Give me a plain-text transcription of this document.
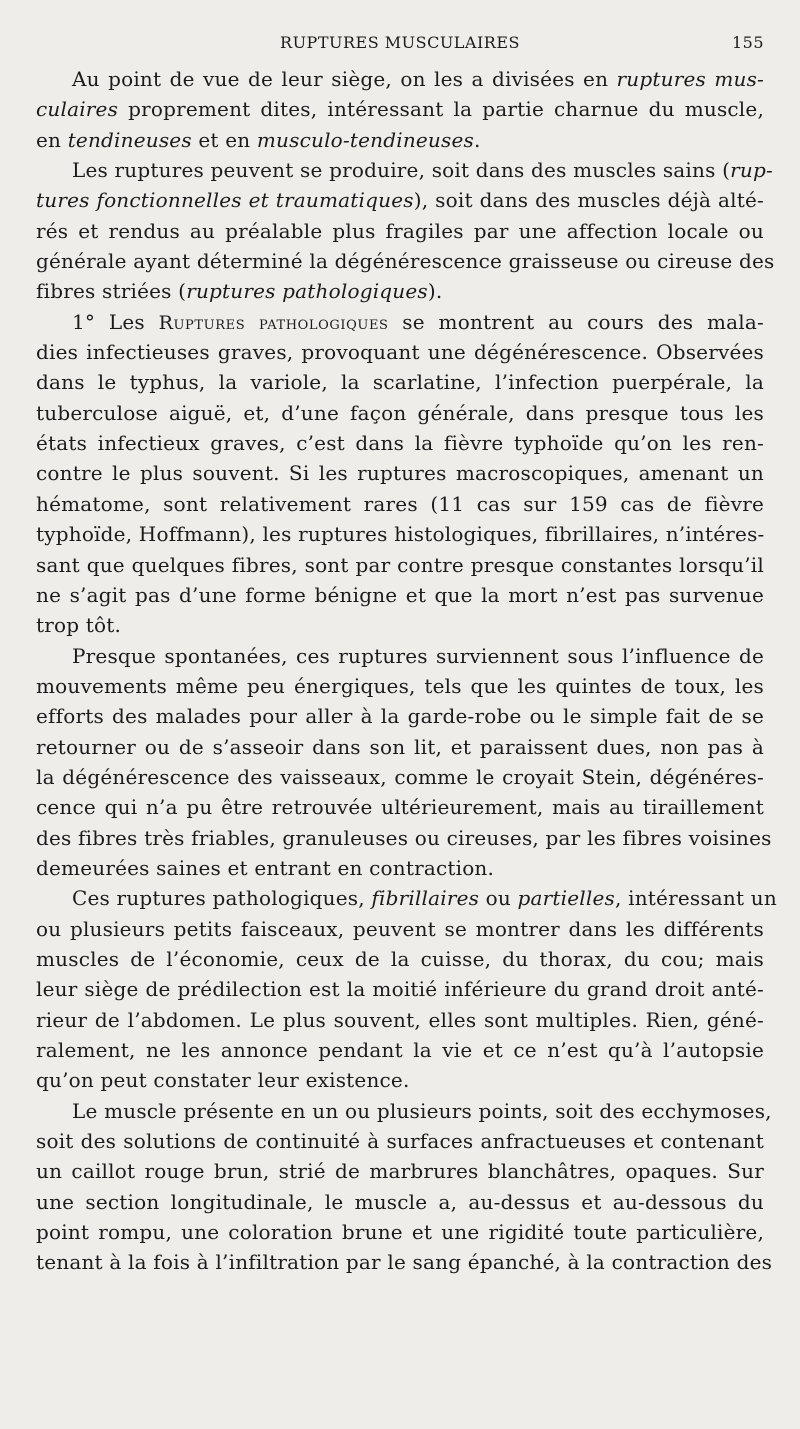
RUPTURES MUSCULAIRES	155
Au point de vue de leur siège, on les a divisées en ruptures mus-
culaires proprement dites, intéressant la partie charnue du muscle,
en tendineuses et en musculo-tendineuses.
Les ruptures peuvent se produire, soit dans des muscles sains (rup-
tures fonctionnelles et traumatiques), soit dans des muscles déjà alté-
rés et rendus au préalable plus fragiles par une affection locale ou
générale ayant déterminé la dégénérescence graisseuse ou cireuse des
fibres striées (ruptures pathologiques).
1° Les Ruptures pathologiques se montrent au cours des mala-
dies infectieuses graves, provoquant une dégénérescence. Observées
dans le typhus, la variole, la scarlatine, l’infection puerpérale, la
tuberculose aiguë, et, d’une façon générale, dans presque tous les
états infectieux graves, c’est dans la fièvre typhoïde qu’on les ren-
contre le plus souvent. Si les ruptures macroscopiques, amenant un
hématome, sont relativement rares (11 cas sur 159 cas de fièvre
typhoïde, Hoffmann), les ruptures histologiques, fibrillaires, n’intéres-
sant que quelques fibres, sont par contre presque constantes lorsqu’il
ne s’agit pas d’une forme bénigne et que la mort n’est pas survenue
trop tôt.
Presque spontanées, ces ruptures surviennent sous l’influence de
mouvements même peu énergiques, tels que les quintes de toux, les
efforts des malades pour aller à la garde-robe ou le simple fait de se
retourner ou de s’asseoir dans son lit, et paraissent dues, non pas à
la dégénérescence des vaisseaux, comme le croyait Stein, dégénéres-
cence qui n’a pu être retrouvée ultérieurement, mais au tiraillement
des fibres très friables, granuleuses ou cireuses, par les fibres voisines
demeurées saines et entrant en contraction.
Ces ruptures pathologiques, fibrillaires ou partielles, intéressant un
ou plusieurs petits faisceaux, peuvent se montrer dans les différents
muscles de l’économie, ceux de la cuisse, du thorax, du cou; mais
leur siège de prédilection est la moitié inférieure du grand droit anté-
rieur de l’abdomen. Le plus souvent, elles sont multiples. Rien, géné-
ralement, ne les annonce pendant la vie et ce n’est qu’à l’autopsie
qu’on peut constater leur existence.
Le muscle présente en un ou plusieurs points, soit des ecchymoses,
soit des solutions de continuité à surfaces anfractueuses et contenant
un caillot rouge brun, strié de marbrures blanchâtres, opaques. Sur
une section longitudinale, le muscle a, au-dessus et au-dessous du
point rompu, une coloration brune et une rigidité toute particulière,
tenant à la fois à l’infiltration par le sang épanché, à la contraction des
